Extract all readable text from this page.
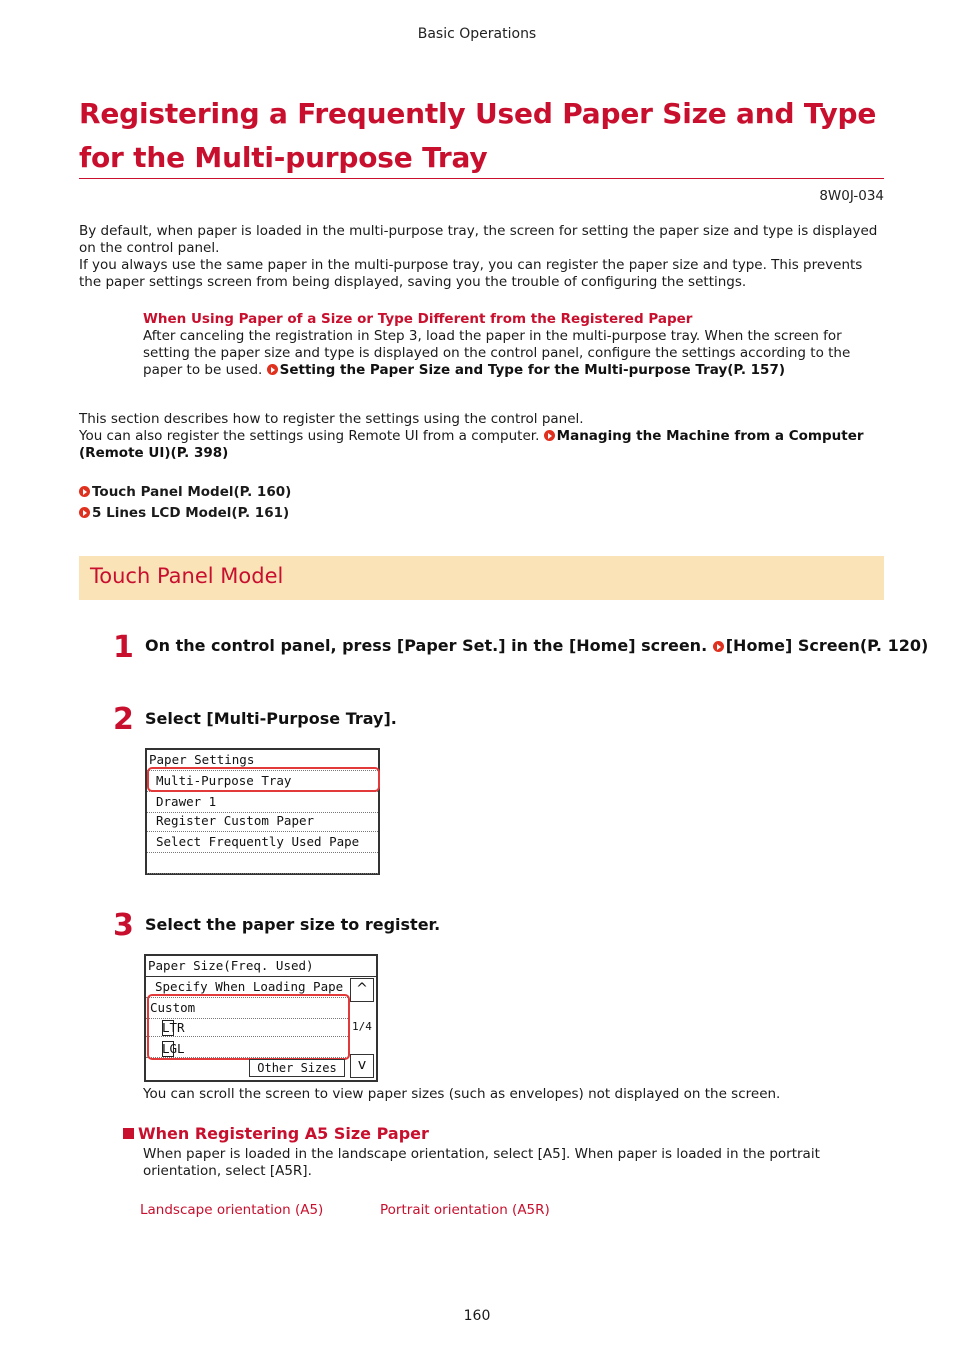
Basic Operations
Registering a Frequently Used Paper Size and Type for the Multi-purpose Tray
8W0J-034
By default, when paper is loaded in the multi-purpose tray, the screen for setting the paper size and type is displayed on the control panel.
If you always use the same paper in the multi-purpose tray, you can register the paper size and type. This prevents the paper settings screen from being displayed, saving you the trouble of configuring the settings.
When Using Paper of a Size or Type Different from the Registered Paper
After canceling the registration in Step 3, load the paper in the multi-purpose tray. When the screen for setting the paper size and type is displayed on the control panel, configure the settings according to the paper to be used. Setting the Paper Size and Type for the Multi-purpose Tray(P. 157)
This section describes how to register the settings using the control panel.
You can also register the settings using Remote UI from a computer. Managing the Machine from a Computer (Remote UI)(P. 398)
Touch Panel Model(P. 160)
5 Lines LCD Model(P. 161)
Touch Panel Model
1 On the control panel, press [Paper Set.] in the [Home] screen. [Home] Screen(P. 120)
2 Select [Multi-Purpose Tray].
Paper Settings
Multi-Purpose Tray
Drawer 1
Register Custom Paper
Select Frequently Used Pape
3 Select the paper size to register.
Paper Size(Freq. Used)
Specify When Loading Pape
Custom
LTR
LGL
^
1/4
v
Other Sizes
You can scroll the screen to view paper sizes (such as envelopes) not displayed on the screen.
When Registering A5 Size Paper
When paper is loaded in the landscape orientation, select [A5]. When paper is loaded in the portrait orientation, select [A5R].
Landscape orientation (A5)	Portrait orientation (A5R)
160
